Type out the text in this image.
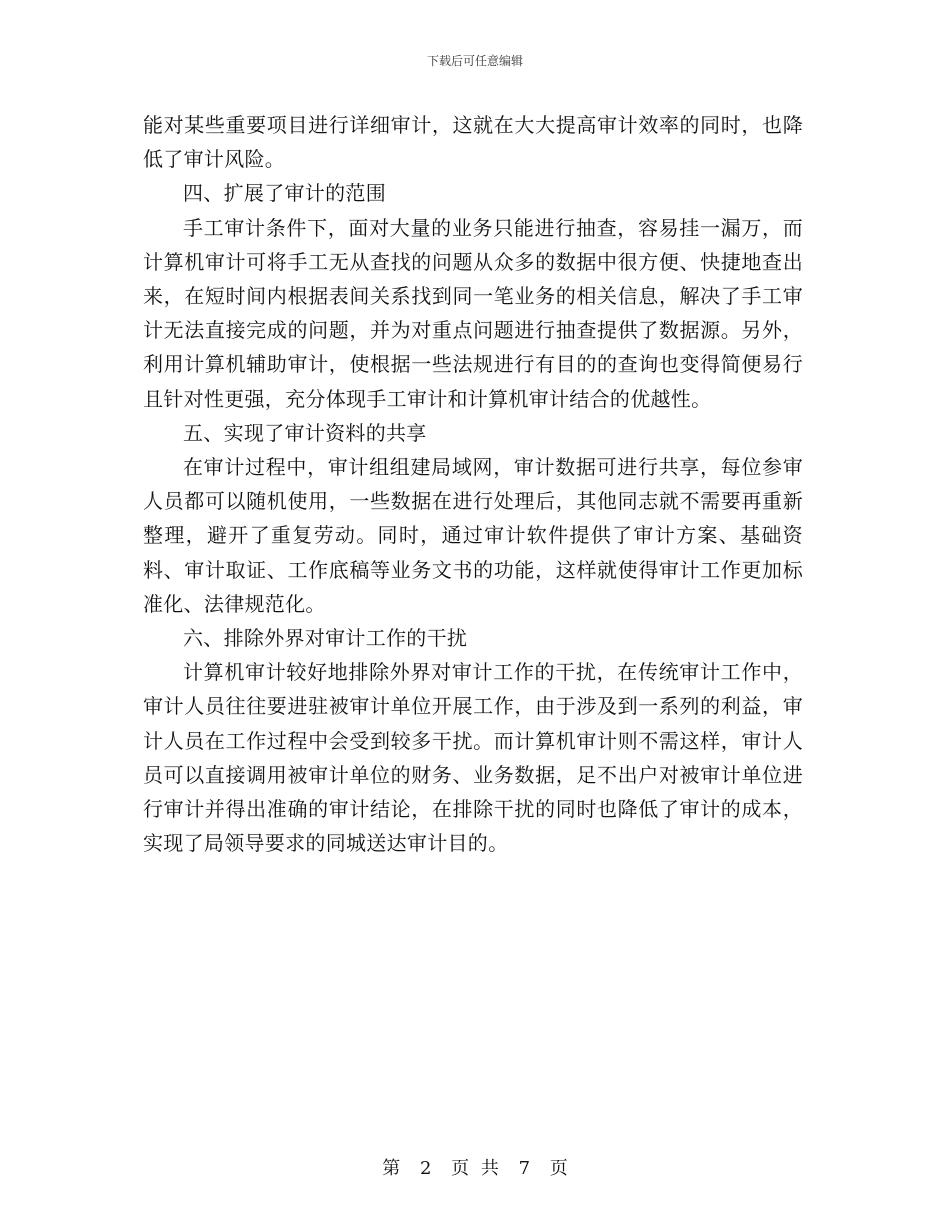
下载后可任意编辑

能对某些重要项目进行详细审计，这就在大大提高审计效率的同时，也降低了审计风险。

四、扩展了审计的范围

手工审计条件下，面对大量的业务只能进行抽查，容易挂一漏万，而计算机审计可将手工无从查找的问题从众多的数据中很方便、快捷地查出来，在短时间内根据表间关系找到同一笔业务的相关信息，解决了手工审计无法直接完成的问题，并为对重点问题进行抽查提供了数据源。另外，利用计算机辅助审计，使根据一些法规进行有目的的查询也变得简便易行且针对性更强，充分体现手工审计和计算机审计结合的优越性。

五、实现了审计资料的共享

在审计过程中，审计组组建局域网，审计数据可进行共享，每位参审人员都可以随机使用，一些数据在进行处理后，其他同志就不需要再重新整理，避开了重复劳动。同时，通过审计软件提供了审计方案、基础资料、审计取证、工作底稿等业务文书的功能，这样就使得审计工作更加标准化、法律规范化。

六、排除外界对审计工作的干扰

计算机审计较好地排除外界对审计工作的干扰，在传统审计工作中，审计人员往往要进驻被审计单位开展工作，由于涉及到一系列的利益，审计人员在工作过程中会受到较多干扰。而计算机审计则不需这样，审计人员可以直接调用被审计单位的财务、业务数据，足不出户对被审计单位进行审计并得出准确的审计结论，在排除干扰的同时也降低了审计的成本，实现了局领导要求的同城送达审计目的。

第 2 页 共 7 页
